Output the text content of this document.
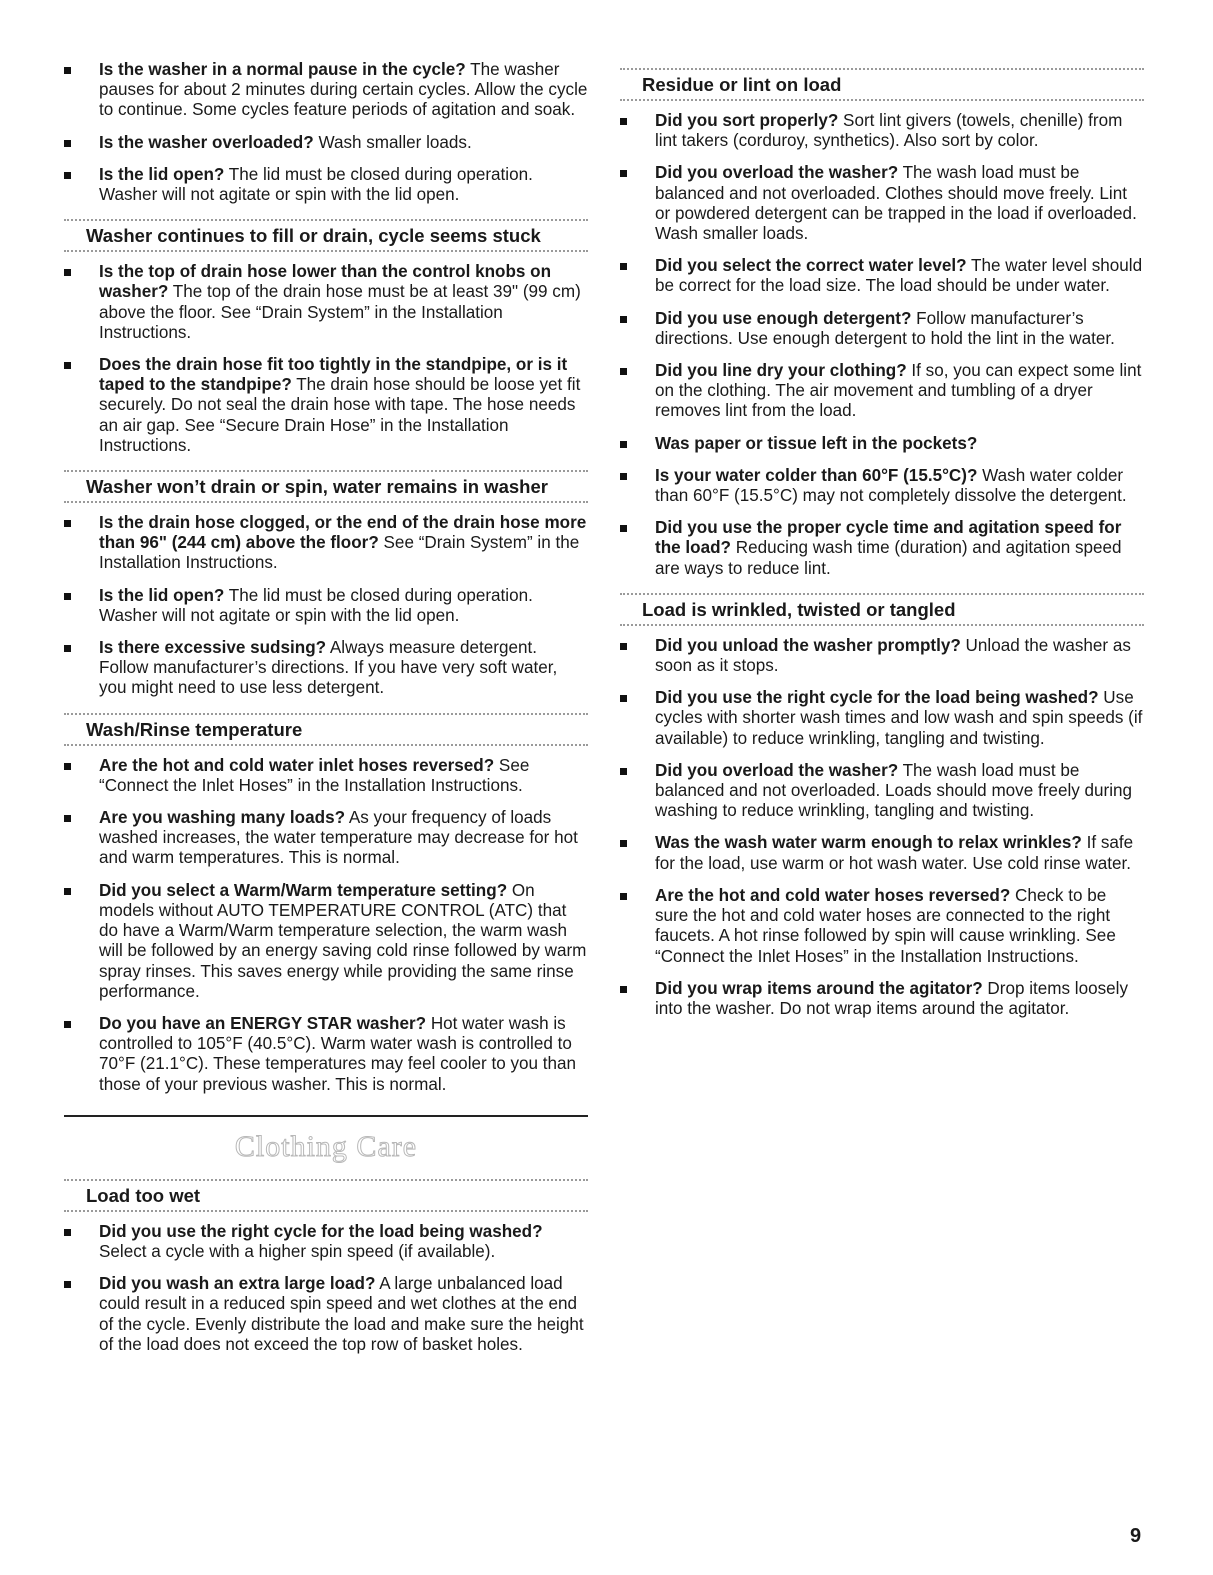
Is the washer in a normal pause in the cycle? The washer pauses for about 2 minutes during certain cycles. Allow the cycle to continue. Some cycles feature periods of agitation and soak.
Is the washer overloaded? Wash smaller loads.
Is the lid open? The lid must be closed during operation. Washer will not agitate or spin with the lid open.
Washer continues to fill or drain, cycle seems stuck
Is the top of drain hose lower than the control knobs on washer? The top of the drain hose must be at least 39" (99 cm) above the floor. See “Drain System” in the Installation Instructions.
Does the drain hose fit too tightly in the standpipe, or is it taped to the standpipe? The drain hose should be loose yet fit securely. Do not seal the drain hose with tape. The hose needs an air gap. See “Secure Drain Hose” in the Installation Instructions.
Washer won’t drain or spin, water remains in washer
Is the drain hose clogged, or the end of the drain hose more than 96" (244 cm) above the floor? See “Drain System” in the Installation Instructions.
Is the lid open? The lid must be closed during operation. Washer will not agitate or spin with the lid open.
Is there excessive sudsing? Always measure detergent. Follow manufacturer’s directions. If you have very soft water, you might need to use less detergent.
Wash/Rinse temperature
Are the hot and cold water inlet hoses reversed? See “Connect the Inlet Hoses” in the Installation Instructions.
Are you washing many loads? As your frequency of loads washed increases, the water temperature may decrease for hot and warm temperatures. This is normal.
Did you select a Warm/Warm temperature setting? On models without AUTO TEMPERATURE CONTROL (ATC) that do have a Warm/Warm temperature selection, the warm wash will be followed by an energy saving cold rinse followed by warm spray rinses. This saves energy while providing the same rinse performance.
Do you have an ENERGY STAR washer? Hot water wash is controlled to 105°F (40.5°C). Warm water wash is controlled to 70°F (21.1°C). These temperatures may feel cooler to you than those of your previous washer. This is normal.
Clothing Care
Load too wet
Did you use the right cycle for the load being washed? Select a cycle with a higher spin speed (if available).
Did you wash an extra large load? A large unbalanced load could result in a reduced spin speed and wet clothes at the end of the cycle. Evenly distribute the load and make sure the height of the load does not exceed the top row of basket holes.
Residue or lint on load
Did you sort properly? Sort lint givers (towels, chenille) from lint takers (corduroy, synthetics). Also sort by color.
Did you overload the washer? The wash load must be balanced and not overloaded. Clothes should move freely. Lint or powdered detergent can be trapped in the load if overloaded. Wash smaller loads.
Did you select the correct water level? The water level should be correct for the load size. The load should be under water.
Did you use enough detergent? Follow manufacturer’s directions. Use enough detergent to hold the lint in the water.
Did you line dry your clothing? If so, you can expect some lint on the clothing. The air movement and tumbling of a dryer removes lint from the load.
Was paper or tissue left in the pockets?
Is your water colder than 60°F (15.5°C)? Wash water colder than 60°F (15.5°C) may not completely dissolve the detergent.
Did you use the proper cycle time and agitation speed for the load? Reducing wash time (duration) and agitation speed are ways to reduce lint.
Load is wrinkled, twisted or tangled
Did you unload the washer promptly? Unload the washer as soon as it stops.
Did you use the right cycle for the load being washed? Use cycles with shorter wash times and low wash and spin speeds (if available) to reduce wrinkling, tangling and twisting.
Did you overload the washer? The wash load must be balanced and not overloaded. Loads should move freely during washing to reduce wrinkling, tangling and twisting.
Was the wash water warm enough to relax wrinkles? If safe for the load, use warm or hot wash water. Use cold rinse water.
Are the hot and cold water hoses reversed? Check to be sure the hot and cold water hoses are connected to the right faucets. A hot rinse followed by spin will cause wrinkling. See “Connect the Inlet Hoses” in the Installation Instructions.
Did you wrap items around the agitator? Drop items loosely into the washer. Do not wrap items around the agitator.
9
